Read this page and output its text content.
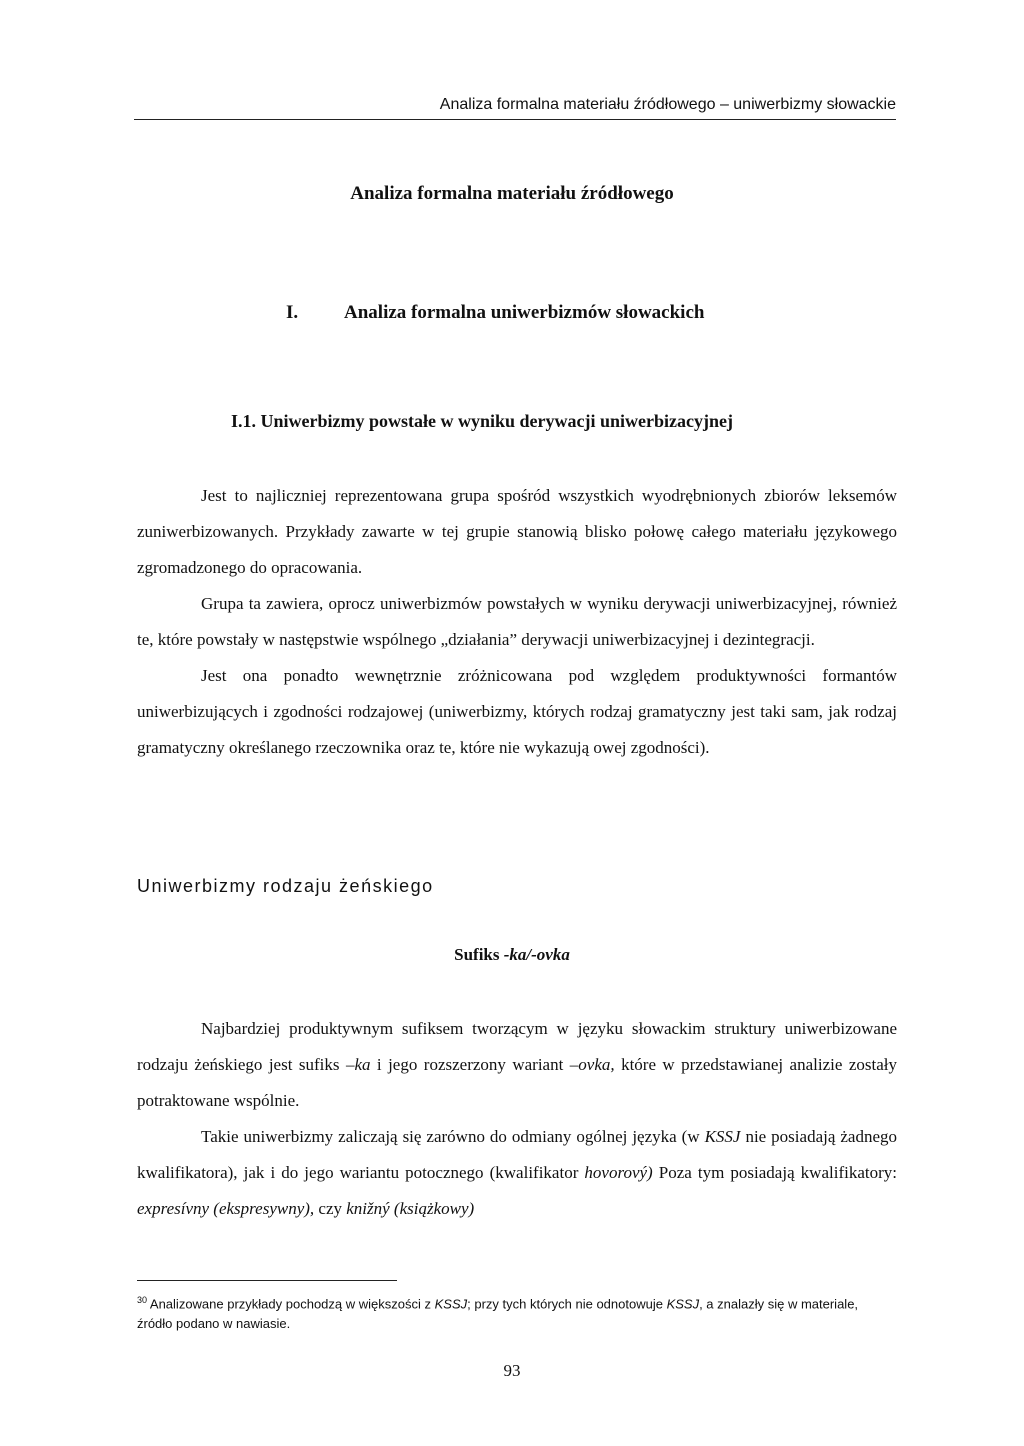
Analiza formalna materiału źródłowego – uniwerbizmy słowackie
Analiza formalna materiału źródłowego
I. Analiza formalna uniwerbizmów słowackich
I.1. Uniwerbizmy powstałe w wyniku derywacji uniwerbizacyjnej

Jest to najliczniej reprezentowana grupa spośród wszystkich wyodrębnionych zbiorów leksemów zuniwerbizowanych. Przykłady zawarte w tej grupie stanowią blisko połowę całego materiału językowego zgromadzonego do opracowania.

Grupa ta zawiera, oprocz uniwerbizmów powstałych w wyniku derywacji uniwerbizacyjnej, również te, które powstały w następstwie wspólnego „działania” derywacji uniwerbizacyjnej i dezintegracji.

Jest ona ponadto wewnętrznie zróżnicowana pod względem produktywności formantów uniwerbizujących i zgodności rodzajowej (uniwerbizmy, których rodzaj gramatyczny jest taki sam, jak rodzaj gramatyczny określanego rzeczownika oraz te, które nie wykazują owej zgodności).

Uniwerbizmy rodzaju żeńskiego
Sufiks -ka/-ovka

Najbardziej produktywnym sufiksem tworzącym w języku słowackim struktury uniwerbizowane rodzaju żeńskiego jest sufiks –ka i jego rozszerzony wariant –ovka, które w przedstawianej analizie zostały potraktowane wspólnie.

Takie uniwerbizmy zaliczają się zarówno do odmiany ogólnej języka (w KSSJ nie posiadają żadnego kwalifikatora), jak i do jego wariantu potocznego (kwalifikator hovorový) Poza tym posiadają kwalifikatory: expresívny (ekspresywny), czy knižný (książkowy)

$^{30}$ Analizowane przykłady pochodzą w większości z KSSJ; przy tych których nie odnotowuje KSSJ, a znalazły się w materiale, źródło podano w nawiasie.
93
